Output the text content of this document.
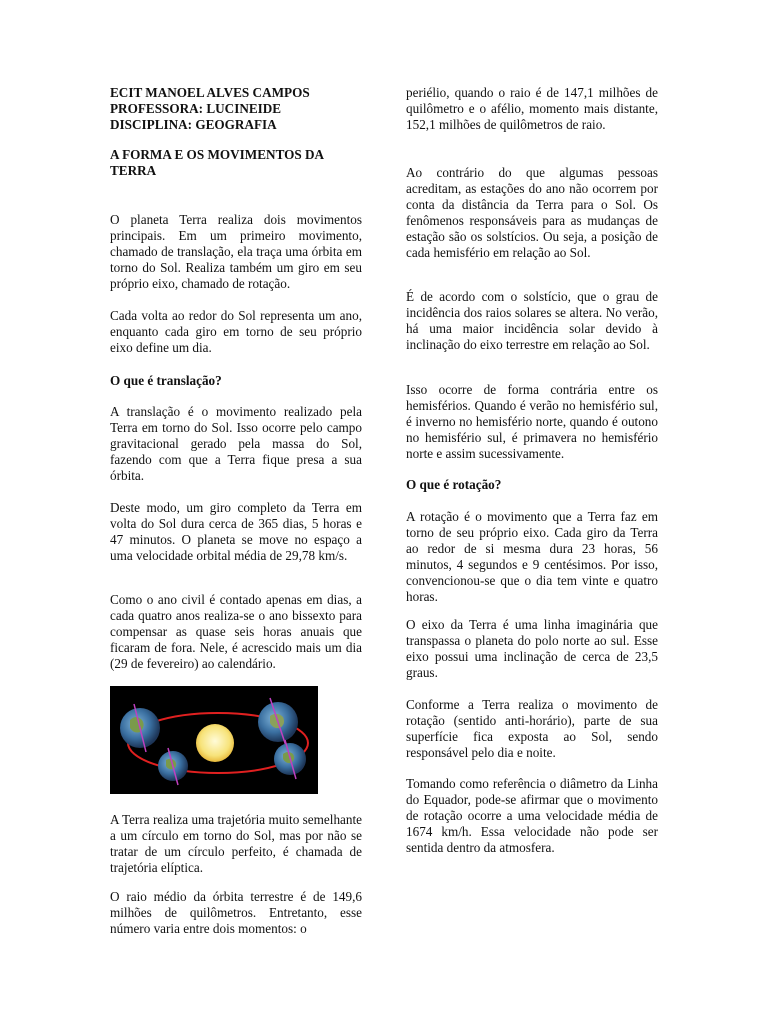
ECIT MANOEL ALVES CAMPOS
PROFESSORA: LUCINEIDE
DISCIPLINA: GEOGRAFIA
A FORMA E OS MOVIMENTOS DA TERRA

O planeta Terra realiza dois movimentos principais. Em um primeiro movimento, chamado de translação, ela traça uma órbita em torno do Sol. Realiza também um giro em seu próprio eixo, chamado de rotação.

Cada volta ao redor do Sol representa um ano, enquanto cada giro em torno de seu próprio eixo define um dia.

O que é translação?

A translação é o movimento realizado pela Terra em torno do Sol. Isso ocorre pelo campo gravitacional gerado pela massa do Sol, fazendo com que a Terra fique presa a sua órbita.

Deste modo, um giro completo da Terra em volta do Sol dura cerca de 365 dias, 5 horas e 47 minutos. O planeta se move no espaço a uma velocidade orbital média de 29,78 km/s.

Como o ano civil é contado apenas em dias, a cada quatro anos realiza-se o ano bissexto para compensar as quase seis horas anuais que ficaram de fora. Nele, é acrescido mais um dia (29 de fevereiro) ao calendário.

A Terra realiza uma trajetória muito semelhante a um círculo em torno do Sol, mas por não se tratar de um círculo perfeito, é chamada de trajetória elíptica.

O raio médio da órbita terrestre é de 149,6 milhões de quilômetros. Entretanto, esse número varia entre dois momentos: o

periélio, quando o raio é de 147,1 milhões de quilômetro e o afélio, momento mais distante, 152,1 milhões de quilômetros de raio.

Ao contrário do que algumas pessoas acreditam, as estações do ano não ocorrem por conta da distância da Terra para o Sol. Os fenômenos responsáveis para as mudanças de estação são os solstícios. Ou seja, a posição de cada hemisfério em relação ao Sol.

É de acordo com o solstício, que o grau de incidência dos raios solares se altera. No verão, há uma maior incidência solar devido à inclinação do eixo terrestre em relação ao Sol.

Isso ocorre de forma contrária entre os hemisférios. Quando é verão no hemisfério sul, é inverno no hemisfério norte, quando é outono no hemisfério sul, é primavera no hemisfério norte e assim sucessivamente.

O que é rotação?

A rotação é o movimento que a Terra faz em torno de seu próprio eixo. Cada giro da Terra ao redor de si mesma dura 23 horas, 56 minutos, 4 segundos e 9 centésimos. Por isso, convencionou-se que o dia tem vinte e quatro horas.

O eixo da Terra é uma linha imaginária que transpassa o planeta do polo norte ao sul. Esse eixo possui uma inclinação de cerca de 23,5 graus.

Conforme a Terra realiza o movimento de rotação (sentido anti-horário), parte de sua superfície fica exposta ao Sol, sendo responsável pelo dia e noite.

Tomando como referência o diâmetro da Linha do Equador, pode-se afirmar que o movimento de rotação ocorre a uma velocidade média de 1674 km/h. Essa velocidade não pode ser sentida dentro da atmosfera.
